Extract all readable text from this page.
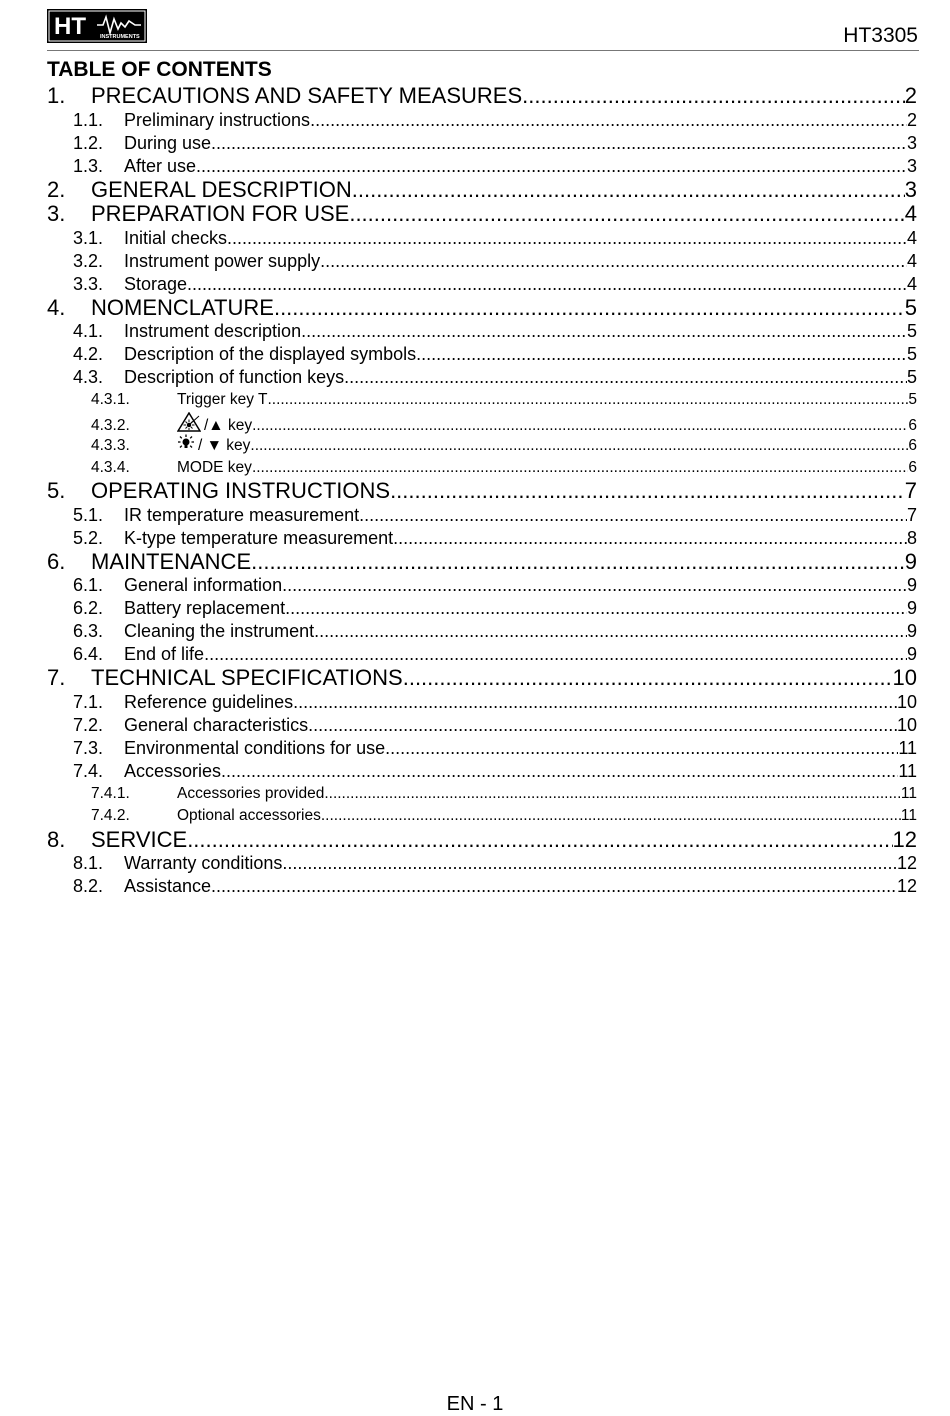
HT	INSTRUMENTS	HT3305
TABLE OF CONTENTS
1.	PRECAUTIONS AND SAFETY MEASURES .....	2
1.1.	Preliminary instructions .....	2
1.2.	During use .....	3
1.3.	After use .....	3
2.	GENERAL DESCRIPTION .....	3
3.	PREPARATION FOR USE .....	4
3.1.	Initial checks .....	4
3.2.	Instrument power supply .....	4
3.3.	Storage .....	4
4.	NOMENCLATURE .....	5
4.1.	Instrument description .....	5
4.2.	Description of the displayed symbols .....	5
4.3.	Description of function keys .....	5
4.3.1.	Trigger key T .....	5
4.3.2.	/▲ key .....	6
4.3.3.	/ ▼ key .....	6
4.3.4.	MODE key .....	6
5.	OPERATING INSTRUCTIONS .....	7
5.1.	IR temperature measurement .....	7
5.2.	K-type temperature measurement .....	8
6.	MAINTENANCE .....	9
6.1.	General information .....	9
6.2.	Battery replacement .....	9
6.3.	Cleaning the instrument .....	9
6.4.	End of life .....	9
7.	TECHNICAL SPECIFICATIONS .....	10
7.1.	Reference guidelines .....	10
7.2.	General characteristics .....	10
7.3.	Environmental conditions for use .....	11
7.4.	Accessories .....	11
7.4.1.	Accessories provided .....	11
7.4.2.	Optional accessories .....	11
8.	SERVICE .....	12
8.1.	Warranty conditions .....	12
8.2.	Assistance .....	12
EN - 1
